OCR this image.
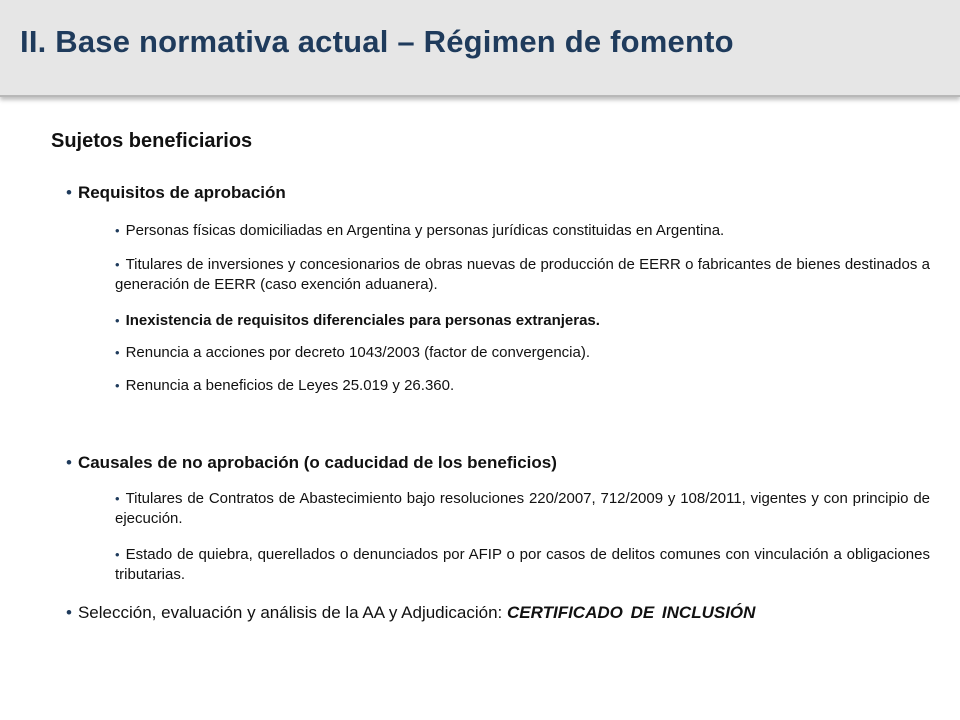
II. Base normativa actual – Régimen de fomento
Sujetos beneficiarios
• Requisitos de aprobación
• Personas físicas domiciliadas en Argentina y personas jurídicas constituidas en Argentina.
• Titulares de inversiones y concesionarios de obras nuevas de producción de EERR o fabricantes de bienes destinados a generación de EERR (caso exención aduanera).
• Inexistencia de requisitos diferenciales para personas extranjeras.
• Renuncia a acciones por decreto 1043/2003 (factor de convergencia).
• Renuncia a beneficios de Leyes 25.019 y 26.360.
• Causales de no aprobación (o caducidad de los beneficios)
• Titulares de Contratos de Abastecimiento bajo resoluciones 220/2007, 712/2009 y 108/2011, vigentes y con principio de ejecución.
• Estado de quiebra, querellados o denunciados por AFIP o por casos de delitos comunes con vinculación a obligaciones tributarias.
• Selección, evaluación y análisis de la AA y Adjudicación: CERTIFICADO DE INCLUSIÓN
